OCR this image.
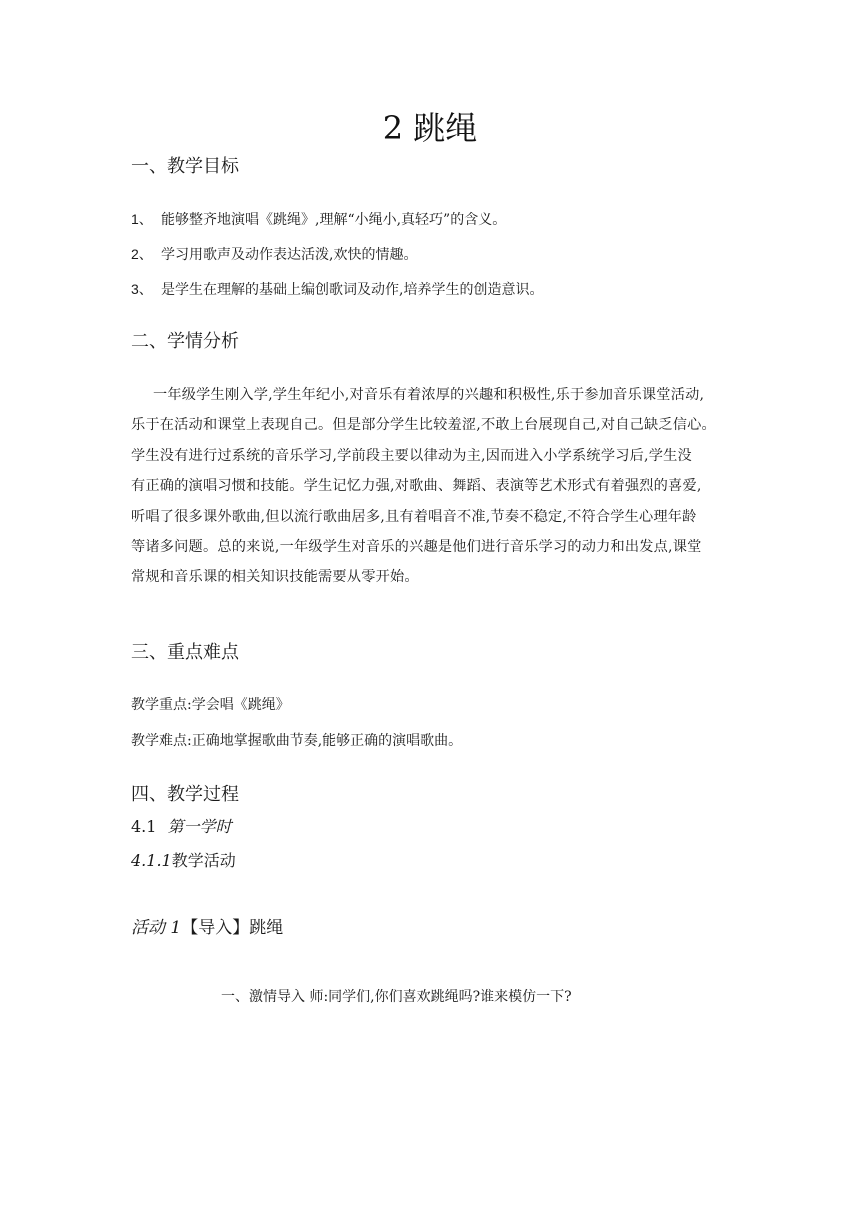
2 跳绳
一、教学目标
1、 能够整齐地演唱《跳绳》,理解“小绳小,真轻巧”的含义。
2、 学习用歌声及动作表达活泼,欢快的情趣。
3、 是学生在理解的基础上编创歌词及动作,培养学生的创造意识。
二、学情分析
一年级学生刚入学,学生年纪小,对音乐有着浓厚的兴趣和积极性,乐于参加音乐课堂活动,
乐于在活动和课堂上表现自己。但是部分学生比较羞涩,不敢上台展现自己,对自己缺乏信心。
学生没有进行过系统的音乐学习,学前段主要以律动为主,因而进入小学系统学习后,学生没
有正确的演唱习惯和技能。学生记忆力强,对歌曲、舞蹈、表演等艺术形式有着强烈的喜爱,
听唱了很多课外歌曲,但以流行歌曲居多,且有着唱音不准,节奏不稳定,不符合学生心理年龄
等诸多问题。总的来说,一年级学生对音乐的兴趣是他们进行音乐学习的动力和出发点,课堂
常规和音乐课的相关知识技能需要从零开始。
三、重点难点
教学重点:学会唱《跳绳》
教学难点:正确地掌握歌曲节奏,能够正确的演唱歌曲。
四、教学过程
4.1 第一学时
4.1.1教学活动
活动 1【导入】跳绳
一、激情导入 师:同学们,你们喜欢跳绳吗?谁来模仿一下?
